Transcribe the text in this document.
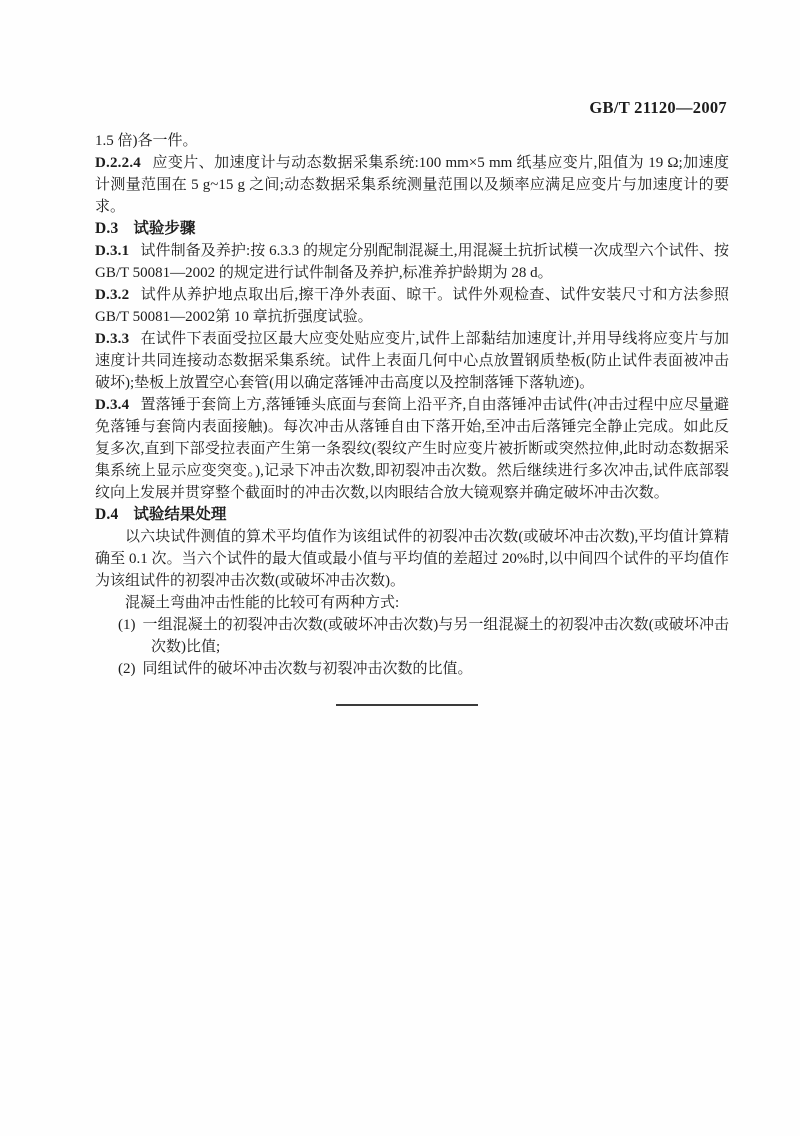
GB/T 21120—2007

1.5 倍)各一件。

D.2.2.4 应变片、加速度计与动态数据采集系统:100 mm×5 mm 纸基应变片,阻值为 19 Ω;加速度计测量范围在 5 g~15 g 之间;动态数据采集系统测量范围以及频率应满足应变片与加速度计的要求。

D.3 试验步骤

D.3.1 试件制备及养护:按 6.3.3 的规定分别配制混凝土,用混凝土抗折试模一次成型六个试件、按 GB/T 50081—2002 的规定进行试件制备及养护,标准养护龄期为 28 d。

D.3.2 试件从养护地点取出后,擦干净外表面、晾干。试件外观检查、试件安装尺寸和方法参照 GB/T 50081—2002第 10 章抗折强度试验。

D.3.3 在试件下表面受拉区最大应变处贴应变片,试件上部黏结加速度计,并用导线将应变片与加速度计共同连接动态数据采集系统。试件上表面几何中心点放置钢质垫板(防止试件表面被冲击破坏);垫板上放置空心套管(用以确定落锤冲击高度以及控制落锤下落轨迹)。

D.3.4 置落锤于套筒上方,落锤锤头底面与套筒上沿平齐,自由落锤冲击试件(冲击过程中应尽量避免落锤与套筒内表面接触)。每次冲击从落锤自由下落开始,至冲击后落锤完全静止完成。如此反复多次,直到下部受拉表面产生第一条裂纹(裂纹产生时应变片被折断或突然拉伸,此时动态数据采集系统上显示应变突变。),记录下冲击次数,即初裂冲击次数。然后继续进行多次冲击,试件底部裂纹向上发展并贯穿整个截面时的冲击次数,以肉眼结合放大镜观察并确定破坏冲击次数。

D.4 试验结果处理

以六块试件测值的算术平均值作为该组试件的初裂冲击次数(或破坏冲击次数),平均值计算精确至 0.1 次。当六个试件的最大值或最小值与平均值的差超过 20%时,以中间四个试件的平均值作为该组试件的初裂冲击次数(或破坏冲击次数)。

混凝土弯曲冲击性能的比较可有两种方式:

(1) 一组混凝土的初裂冲击次数(或破坏冲击次数)与另一组混凝土的初裂冲击次数(或破坏冲击次数)比值;

(2) 同组试件的破坏冲击次数与初裂冲击次数的比值。
